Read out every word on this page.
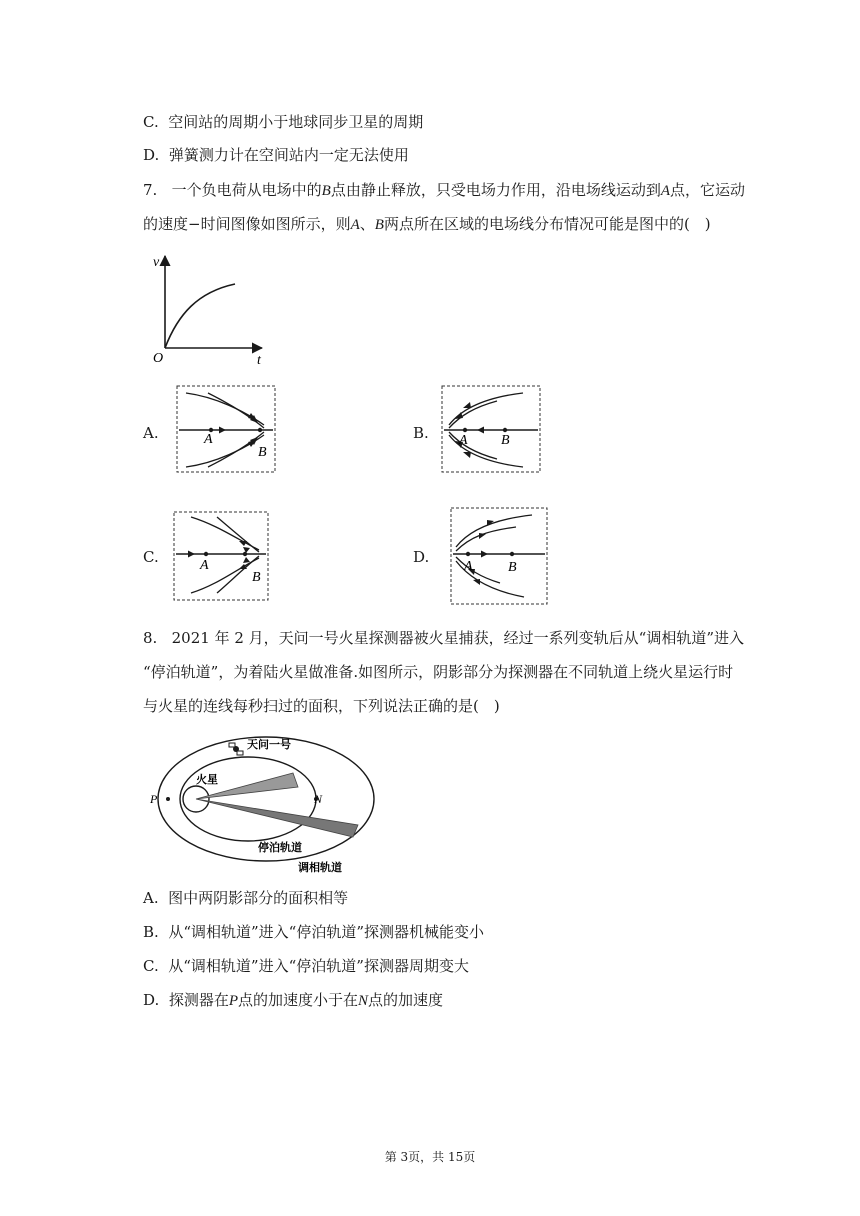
C. 空间站的周期小于地球同步卫星的周期
D. 弹簧测力计在空间站内一定无法使用
7. 一个负电荷从电场中的B点由静止释放，只受电场力作用，沿电场线运动到A点，它运动
的速度−时间图像如图所示，则A、B两点所在区域的电场线分布情况可能是图中的(　)
v
t
O
A.	B.
C.	D.
A
B
A B
A
B
A	B
8. 2021 年 2 月，天问一号火星探测器被火星捕获，经过一系列变轨后从“调相轨道”进入
“停泊轨道”，为着陆火星做准备.如图所示，阴影部分为探测器在不同轨道上绕火星运行时
与火星的连线每秒扫过的面积，下列说法正确的是(　)
天问一号
火星
P	N
停泊轨道
调相轨道
A. 图中两阴影部分的面积相等
B. 从“调相轨道”进入“停泊轨道”探测器机械能变小
C. 从“调相轨道”进入“停泊轨道”探测器周期变大
D. 探测器在P点的加速度小于在N点的加速度
第 3页，共 15页
